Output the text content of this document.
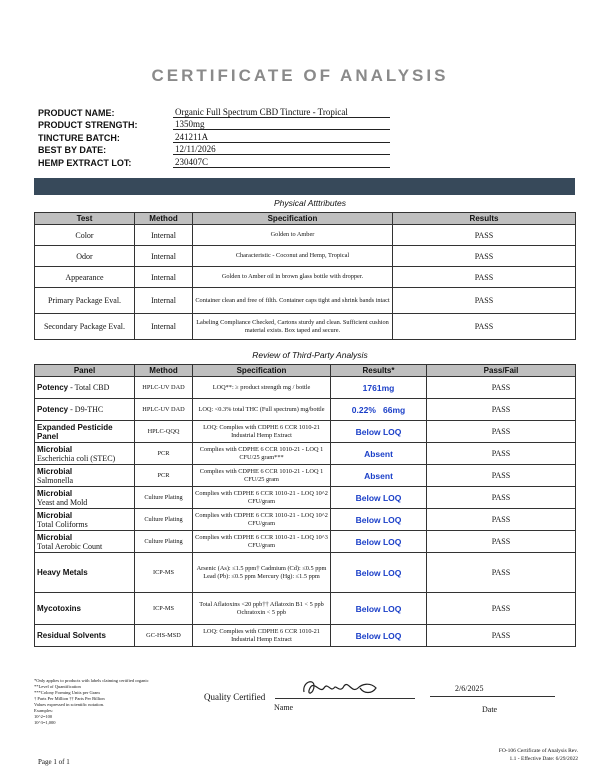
CERTIFICATE OF ANALYSIS
PRODUCT NAME:	Organic Full Spectrum CBD Tincture - Tropical
PRODUCT STRENGTH:	1350mg
TINCTURE BATCH:	241211A
BEST BY DATE:	12/11/2026
HEMP EXTRACT LOT:	230407C
Physical Atttributes
Test	Method	Specification	Results
Color	Internal	Golden to Amber	PASS
Odor	Internal	Characteristic - Coconut and Hemp, Tropical	PASS
Appearance	Internal	Golden to Amber oil in brown glass bottle with dropper.	PASS
Primary Package Eval.	Internal	Container clean and free of filth. Container caps tight and shrink bands intact	PASS
Secondary Package Eval.	Internal	Labeling Compliance Checked, Cartons sturdy and clean. Sufficient cushion material exists. Box taped and secure.	PASS
Review of Third-Party Analysis
Panel	Method	Specification	Results*	Pass/Fail
Potency - Total CBD	HPLC-UV DAD	LOQ**: ≥ product strength mg / bottle	1761mg	PASS
Potency - D9-THC	HPLC-UV DAD	LOQ: <0.3% total THC (Full spectrum) mg/bottle	0.22%   66mg	PASS
Expanded Pesticide Panel	HPLC-QQQ	LOQ: Complies with CDPHE 6 CCR 1010-21 Industrial Hemp Extract	Below LOQ	PASS
Microbial
Escherichia coli (STEC)	PCR	Complies with CDPHE 6 CCR 1010-21 - LOQ 1 CFU/25 gram***	Absent	PASS
Microbial
Salmonella	PCR	Complies with CDPHE 6 CCR 1010-21 - LOQ 1 CFU/25 gram	Absent	PASS
Microbial
Yeast and Mold	Culture Plating	Complies with CDPHE 6 CCR 1010-21 - LOQ 10^2 CFU/gram	Below LOQ	PASS
Microbial
Total Coliforms	Culture Plating	Complies with CDPHE 6 CCR 1010-21 - LOQ 10^2 CFU/gram	Below LOQ	PASS
Microbial
Total Aerobic Count	Culture Plating	Complies with CDPHE 6 CCR 1010-21 - LOQ 10^3 CFU/gram	Below LOQ	PASS
Heavy Metals	ICP-MS	Arsenic (As): ≤1.5 ppm† Cadmium (Cd): ≤0.5 ppm Lead (Pb): ≤0.5 ppm Mercury (Hg): ≤1.5 ppm	Below LOQ	PASS
Mycotoxins	ICP-MS	Total Aflatoxins <20 ppb†† Aflatoxin B1 < 5 ppb Ochratoxin < 5 ppb	Below LOQ	PASS
Residual Solvents	GC-HS-MSD	LOQ: Complies with CDPHE 6 CCR 1010-21 Industrial Hemp Extract	Below LOQ	PASS
*Only applies to products with labels claiming certified organic
**Level of Quantification
***Colony Forming Units per Gram
† Parts Per Million †† Parts Per Billion
Values expressed in scientific notation.
Examples:
10^2=100
10^3=1,000
Quality Certified
Name
2/6/2025
Date
Page 1 of 1
FO-106 Certificate of Analysis Rev.
1.1 - Effective Date: 6/29/2022
